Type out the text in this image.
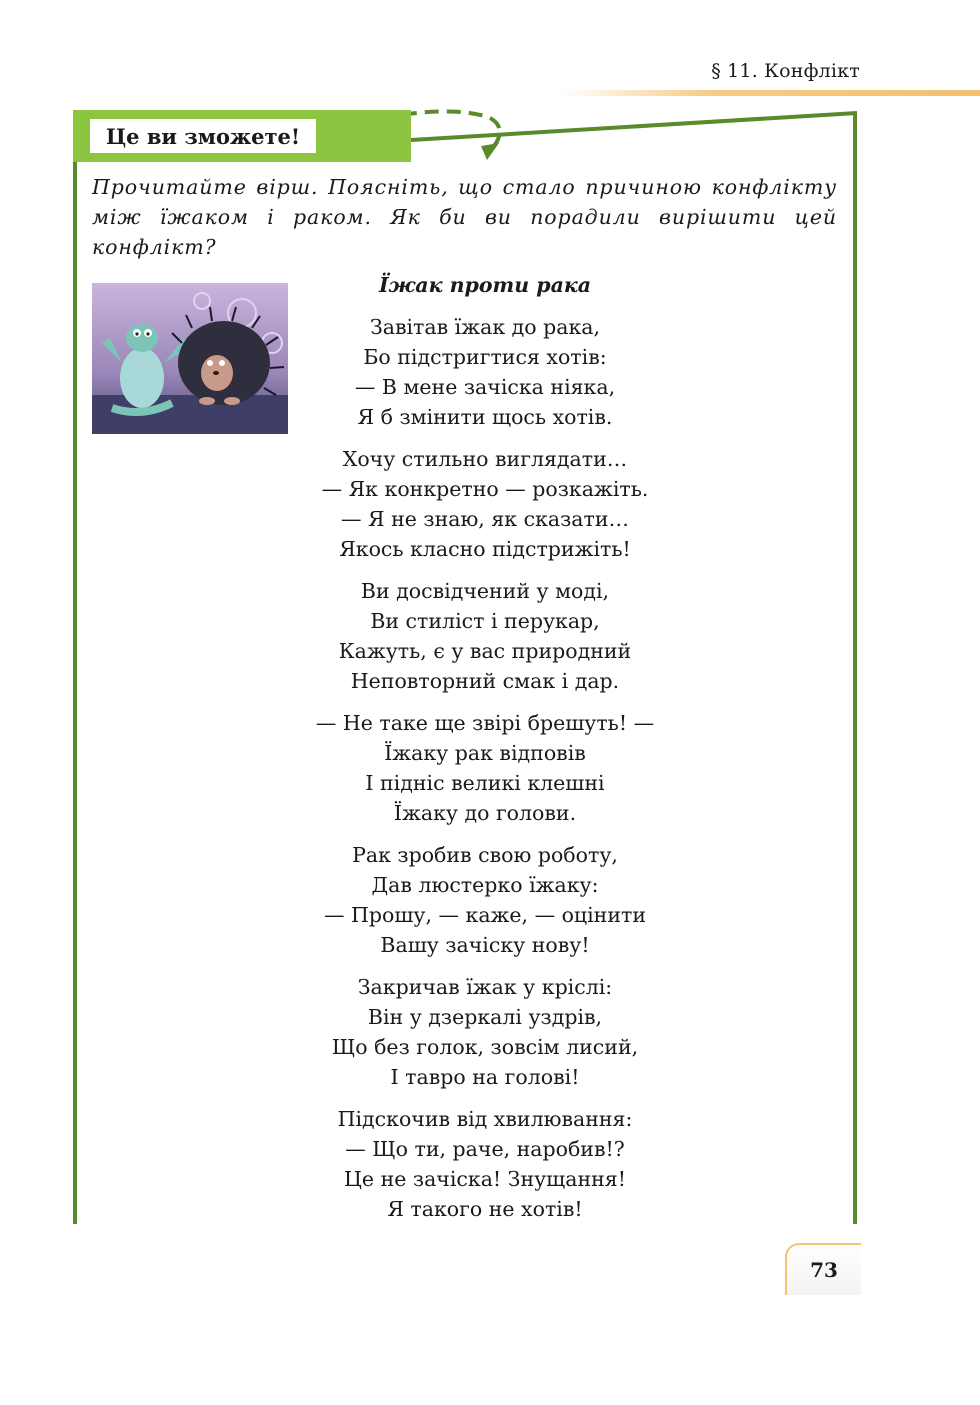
§ 11. Конфлікт
Це ви зможете!
Прочитайте вірш. Поясніть, що стало причиною конфлікту між їжаком і раком. Як би ви порадили вирішити цей конфлікт?
Їжак проти рака
Завітав їжак до рака,
Бо підстригтися хотів:
— В мене зачіска ніяка,
Я б змінити щось хотів.
Хочу стильно виглядати…
— Як конкретно — розкажіть.
— Я не знаю, як сказати…
Якось класно підстрижіть!
Ви досвідчений у моді,
Ви стиліст і перукар,
Кажуть, є у вас природний
Неповторний смак і дар.
— Не таке ще звірі брешуть! —
Їжаку рак відповів
І підніс великі клешні
Їжаку до голови.
Рак зробив свою роботу,
Дав люстерко їжаку:
— Прошу, — каже, — оцінити
Вашу зачіску нову!
Закричав їжак у кріслі:
Він у дзеркалі уздрів,
Що без голок, зовсім лисий,
І тавро на голові!
Підскочив від хвилювання:
— Що ти, раче, наробив!?
Це не зачіска! Знущання!
Я такого не хотів!
73
